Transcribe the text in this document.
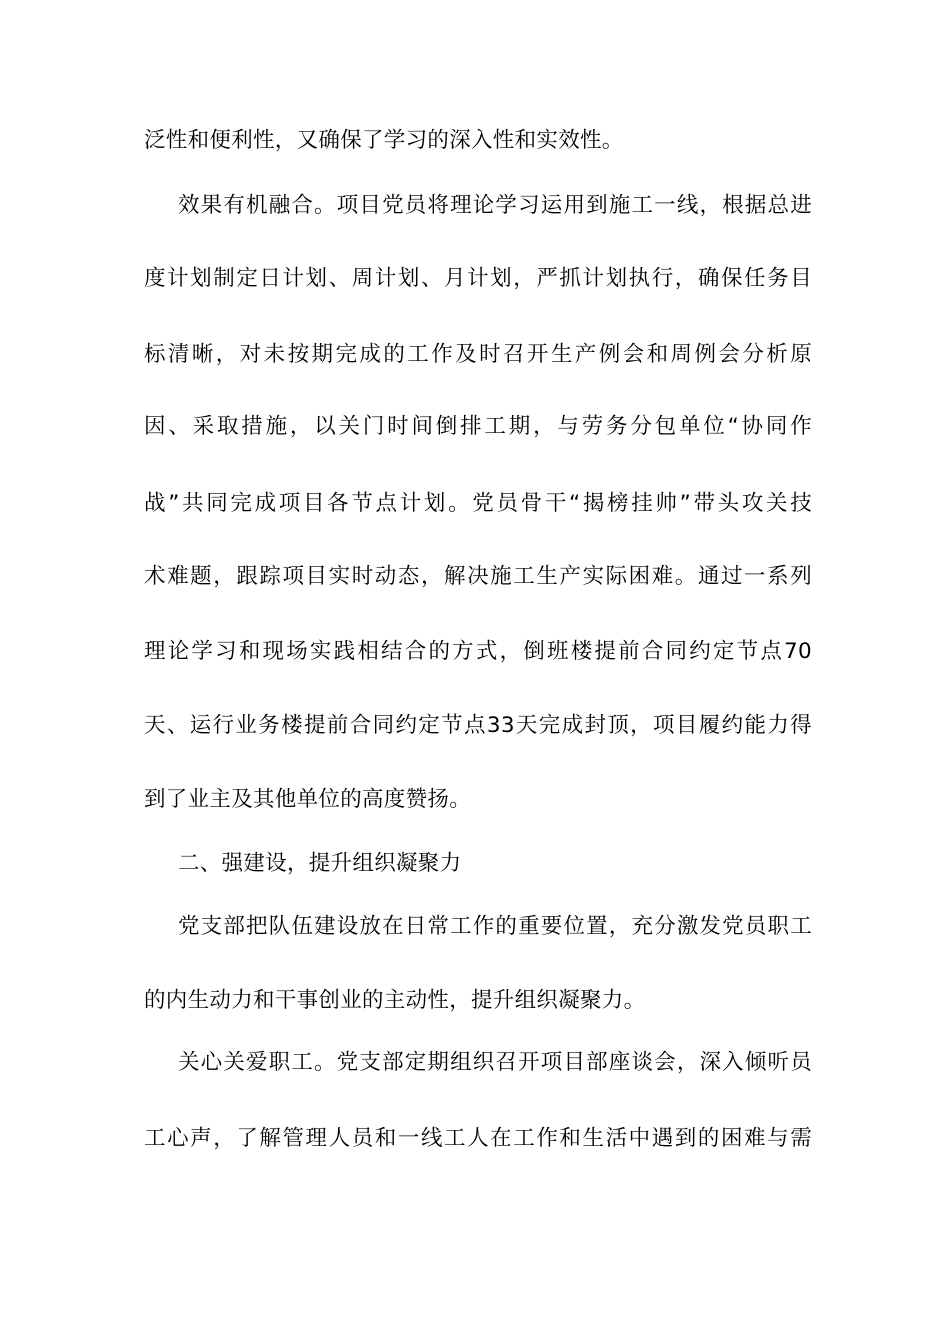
泛性和便利性，又确保了学习的深入性和实效性。
效果有机融合。项目党员将理论学习运用到施工一线，根据总进
度计划制定日计划、周计划、月计划，严抓计划执行，确保任务目
标清晰，对未按期完成的工作及时召开生产例会和周例会分析原
因、采取措施，以关门时间倒排工期，与劳务分包单位“协同作
战”共同完成项目各节点计划。党员骨干“揭榜挂帅”带头攻关技
术难题，跟踪项目实时动态，解决施工生产实际困难。通过一系列
理论学习和现场实践相结合的方式，倒班楼提前合同约定节点70
天、运行业务楼提前合同约定节点33天完成封顶，项目履约能力得
到了业主及其他单位的高度赞扬。
二、强建设，提升组织凝聚力
党支部把队伍建设放在日常工作的重要位置，充分激发党员职工
的内生动力和干事创业的主动性，提升组织凝聚力。
关心关爱职工。党支部定期组织召开项目部座谈会，深入倾听员
工心声，了解管理人员和一线工人在工作和生活中遇到的困难与需
